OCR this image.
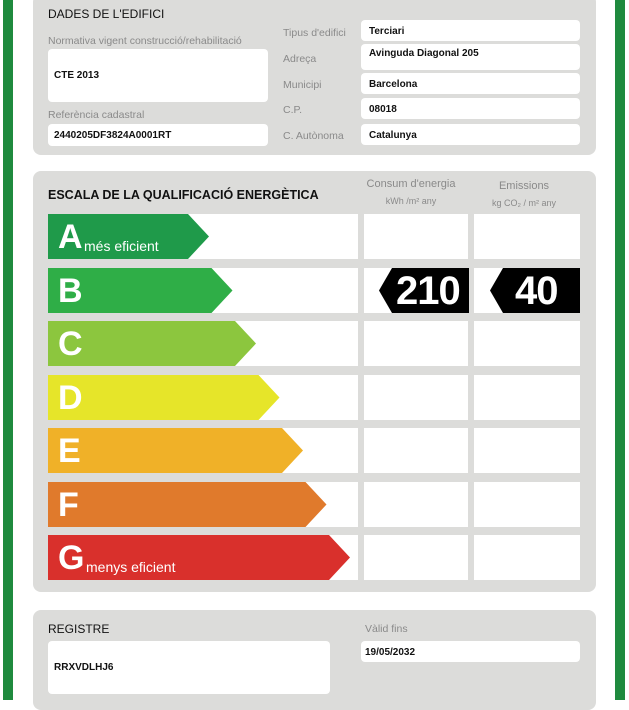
DADES DE L'EDIFICI
Normativa vigent construcció/rehabilitació
CTE 2013
Referència cadastral
2440205DF3824A0001RT
Tipus d'edifici Terciari
Adreça	Avinguda Diagonal 205
Municipi	Barcelona
C.P.	08018
C. Autònoma	Catalunya
ESCALA DE LA QUALIFICACIÓ ENERGÈTICA
Consum d'energia
kWh /m² any
Emissions
kg CO₂ / m² any
A més eficient
B	210 40
C
D
E
F
G menys eficient
REGISTRE
RRXVDLHJ6
Vàlid fins
19/05/2032
